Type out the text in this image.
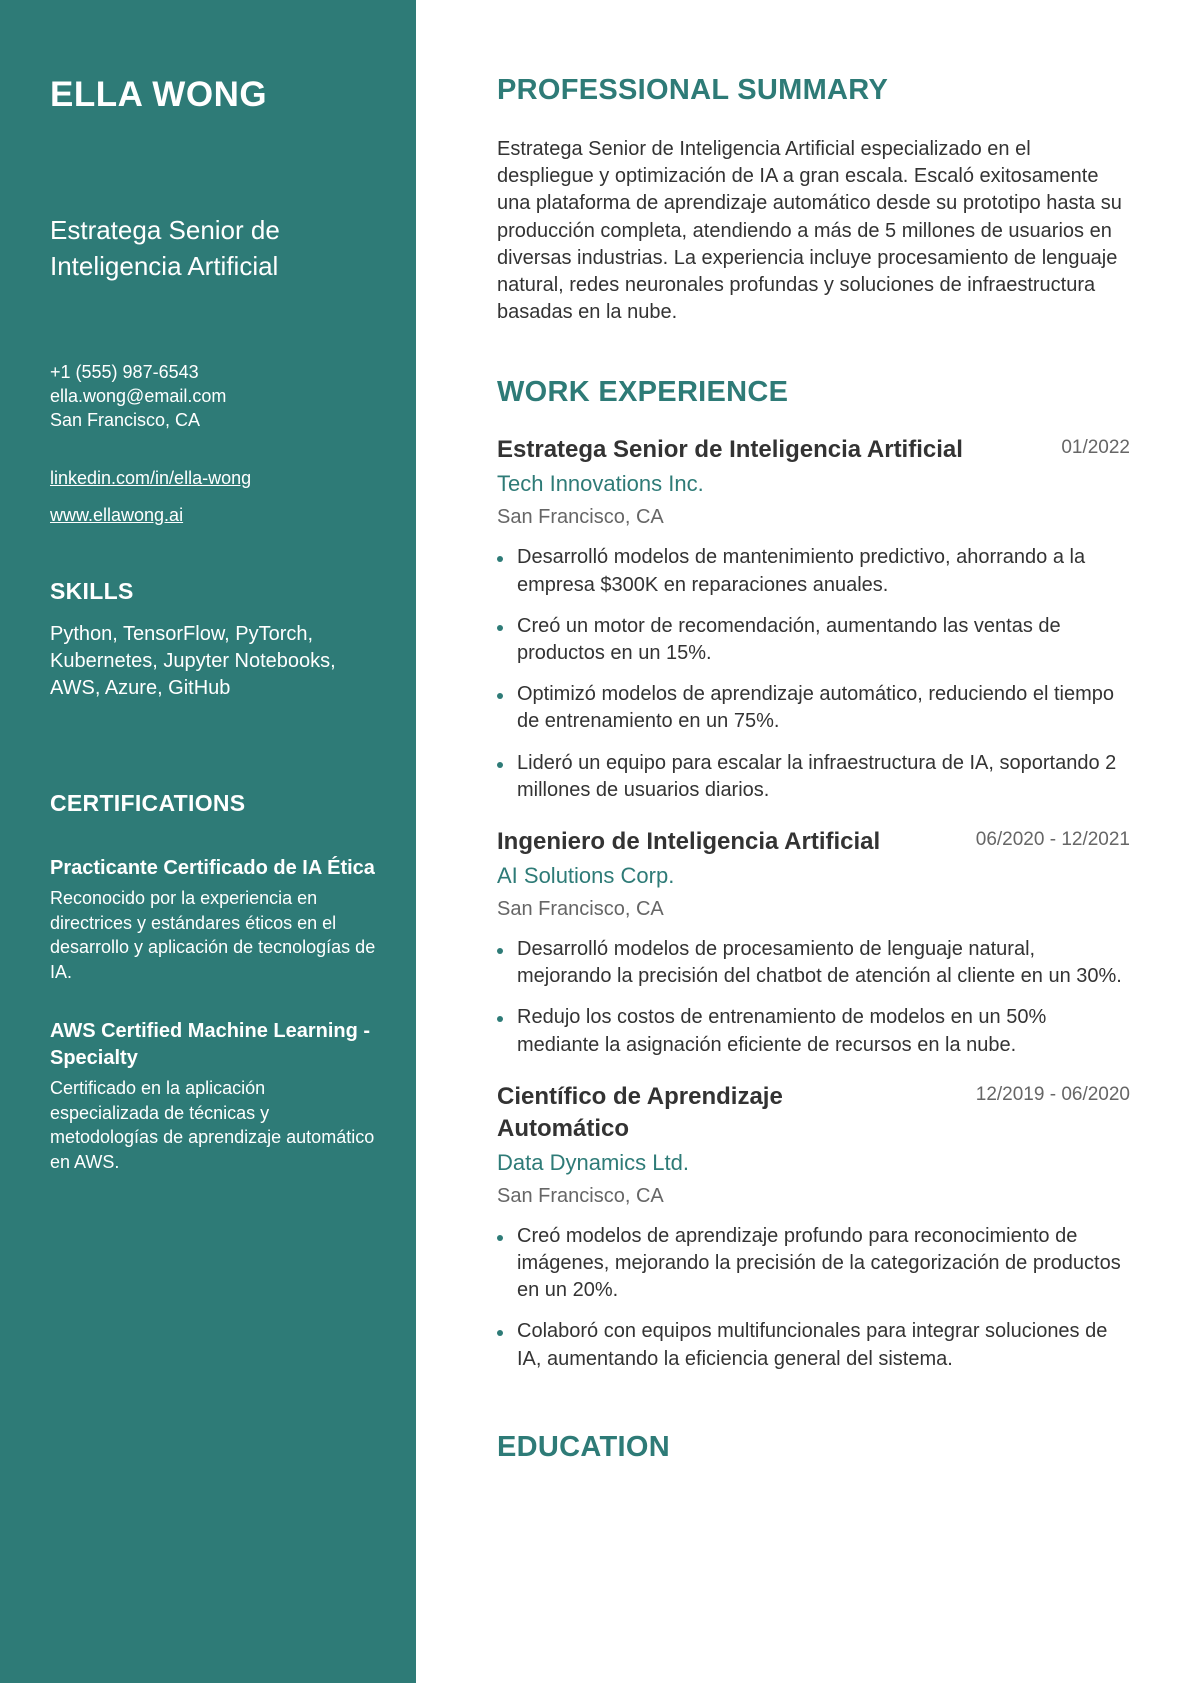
ELLA WONG
Estratega Senior de Inteligencia Artificial
+1 (555) 987-6543
ella.wong@email.com
San Francisco, CA
linkedin.com/in/ella-wong
www.ellawong.ai
SKILLS
Python, TensorFlow, PyTorch, Kubernetes, Jupyter Notebooks, AWS, Azure, GitHub
CERTIFICATIONS
Practicante Certificado de IA Ética
Reconocido por la experiencia en directrices y estándares éticos en el desarrollo y aplicación de tecnologías de IA.
AWS Certified Machine Learning - Specialty
Certificado en la aplicación especializada de técnicas y metodologías de aprendizaje automático en AWS.
PROFESSIONAL SUMMARY
Estratega Senior de Inteligencia Artificial especializado en el despliegue y optimización de IA a gran escala. Escaló exitosamente una plataforma de aprendizaje automático desde su prototipo hasta su producción completa, atendiendo a más de 5 millones de usuarios en diversas industrias. La experiencia incluye procesamiento de lenguaje natural, redes neuronales profundas y soluciones de infraestructura basadas en la nube.
WORK EXPERIENCE
Estratega Senior de Inteligencia Artificial	01/2022
Tech Innovations Inc.
San Francisco, CA
Desarrolló modelos de mantenimiento predictivo, ahorrando a la empresa $300K en reparaciones anuales.
Creó un motor de recomendación, aumentando las ventas de productos en un 15%.
Optimizó modelos de aprendizaje automático, reduciendo el tiempo de entrenamiento en un 75%.
Lideró un equipo para escalar la infraestructura de IA, soportando 2 millones de usuarios diarios.
Ingeniero de Inteligencia Artificial	06/2020 - 12/2021
AI Solutions Corp.
San Francisco, CA
Desarrolló modelos de procesamiento de lenguaje natural, mejorando la precisión del chatbot de atención al cliente en un 30%.
Redujo los costos de entrenamiento de modelos en un 50% mediante la asignación eficiente de recursos en la nube.
Científico de Aprendizaje Automático
12/2019 - 06/2020
Data Dynamics Ltd.
San Francisco, CA
Creó modelos de aprendizaje profundo para reconocimiento de imágenes, mejorando la precisión de la categorización de productos en un 20%.
Colaboró con equipos multifuncionales para integrar soluciones de IA, aumentando la eficiencia general del sistema.
EDUCATION
